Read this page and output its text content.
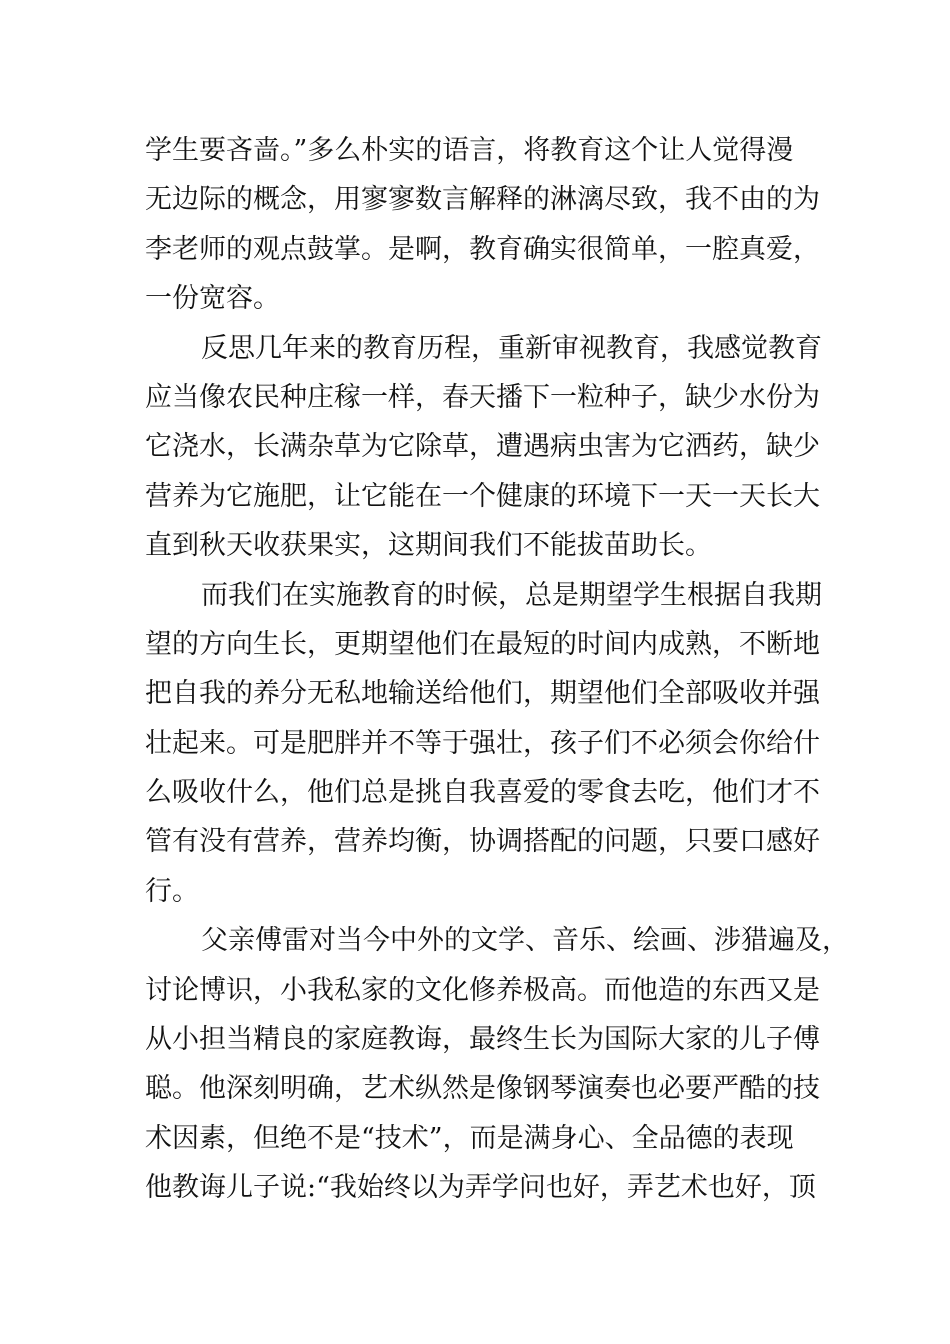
学生要吝啬。”多么朴实的语言，将教育这个让人觉得漫
无边际的概念，用寥寥数言解释的淋漓尽致，我不由的为
李老师的观点鼓掌。是啊，教育确实很简单，一腔真爱，
一份宽容。
反思几年来的教育历程，重新审视教育，我感觉教育
应当像农民种庄稼一样，春天播下一粒种子，缺少水份为
它浇水，长满杂草为它除草，遭遇病虫害为它洒药，缺少
营养为它施肥，让它能在一个健康的环境下一天一天长大
直到秋天收获果实，这期间我们不能拔苗助长。
而我们在实施教育的时候，总是期望学生根据自我期
望的方向生长，更期望他们在最短的时间内成熟，不断地
把自我的养分无私地输送给他们，期望他们全部吸收并强
壮起来。可是肥胖并不等于强壮，孩子们不必须会你给什
么吸收什么，他们总是挑自我喜爱的零食去吃，他们才不
管有没有营养，营养均衡，协调搭配的问题，只要口感好
行。
父亲傅雷对当今中外的文学、音乐、绘画、涉猎遍及，
讨论博识，小我私家的文化修养极高。而他造的东西又是
从小担当精良的家庭教诲，最终生长为国际大家的儿子傅
聪。他深刻明确，艺术纵然是像钢琴演奏也必要严酷的技
术因素，但绝不是“技术”，而是满身心、全品德的表现
他教诲儿子说:“我始终以为弄学问也好，弄艺术也好，顶
